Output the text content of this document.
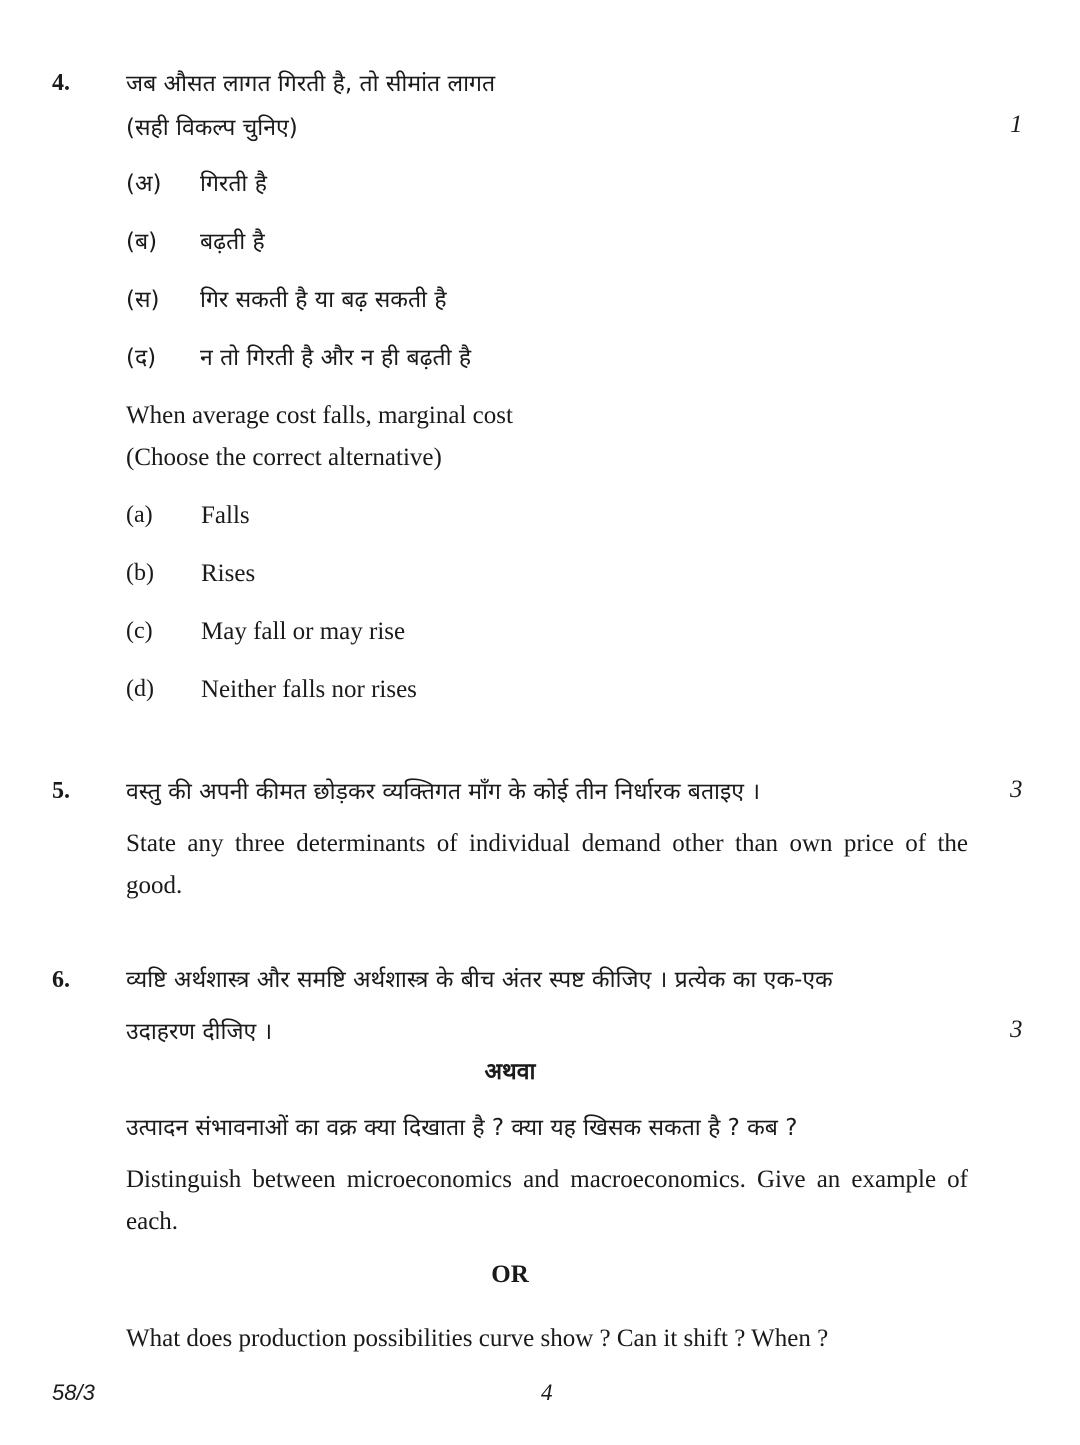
4. जब औसत लागत गिरती है, तो सीमांत लागत
(सही विकल्प चुनिए)	1
(अ) गिरती है
(ब) बढ़ती है
(स) गिर सकती है या बढ़ सकती है
(द) न तो गिरती है और न ही बढ़ती है
When average cost falls, marginal cost
(Choose the correct alternative)
(a) Falls
(b) Rises
(c) May fall or may rise
(d) Neither falls nor rises
5. वस्तु की अपनी कीमत छोड़कर व्यक्तिगत माँग के कोई तीन निर्धारक बताइए ।	3
State any three determinants of individual demand other than own price of the good.
6. व्यष्टि अर्थशास्त्र और समष्टि अर्थशास्त्र के बीच अंतर स्पष्ट कीजिए । प्रत्येक का एक-एक
उदाहरण दीजिए ।	3
अथवा
उत्पादन संभावनाओं का वक्र क्या दिखाता है ? क्या यह खिसक सकता है ? कब ?
Distinguish between microeconomics and macroeconomics. Give an example of each.
OR
What does production possibilities curve show ? Can it shift ? When ?
58/3	4
